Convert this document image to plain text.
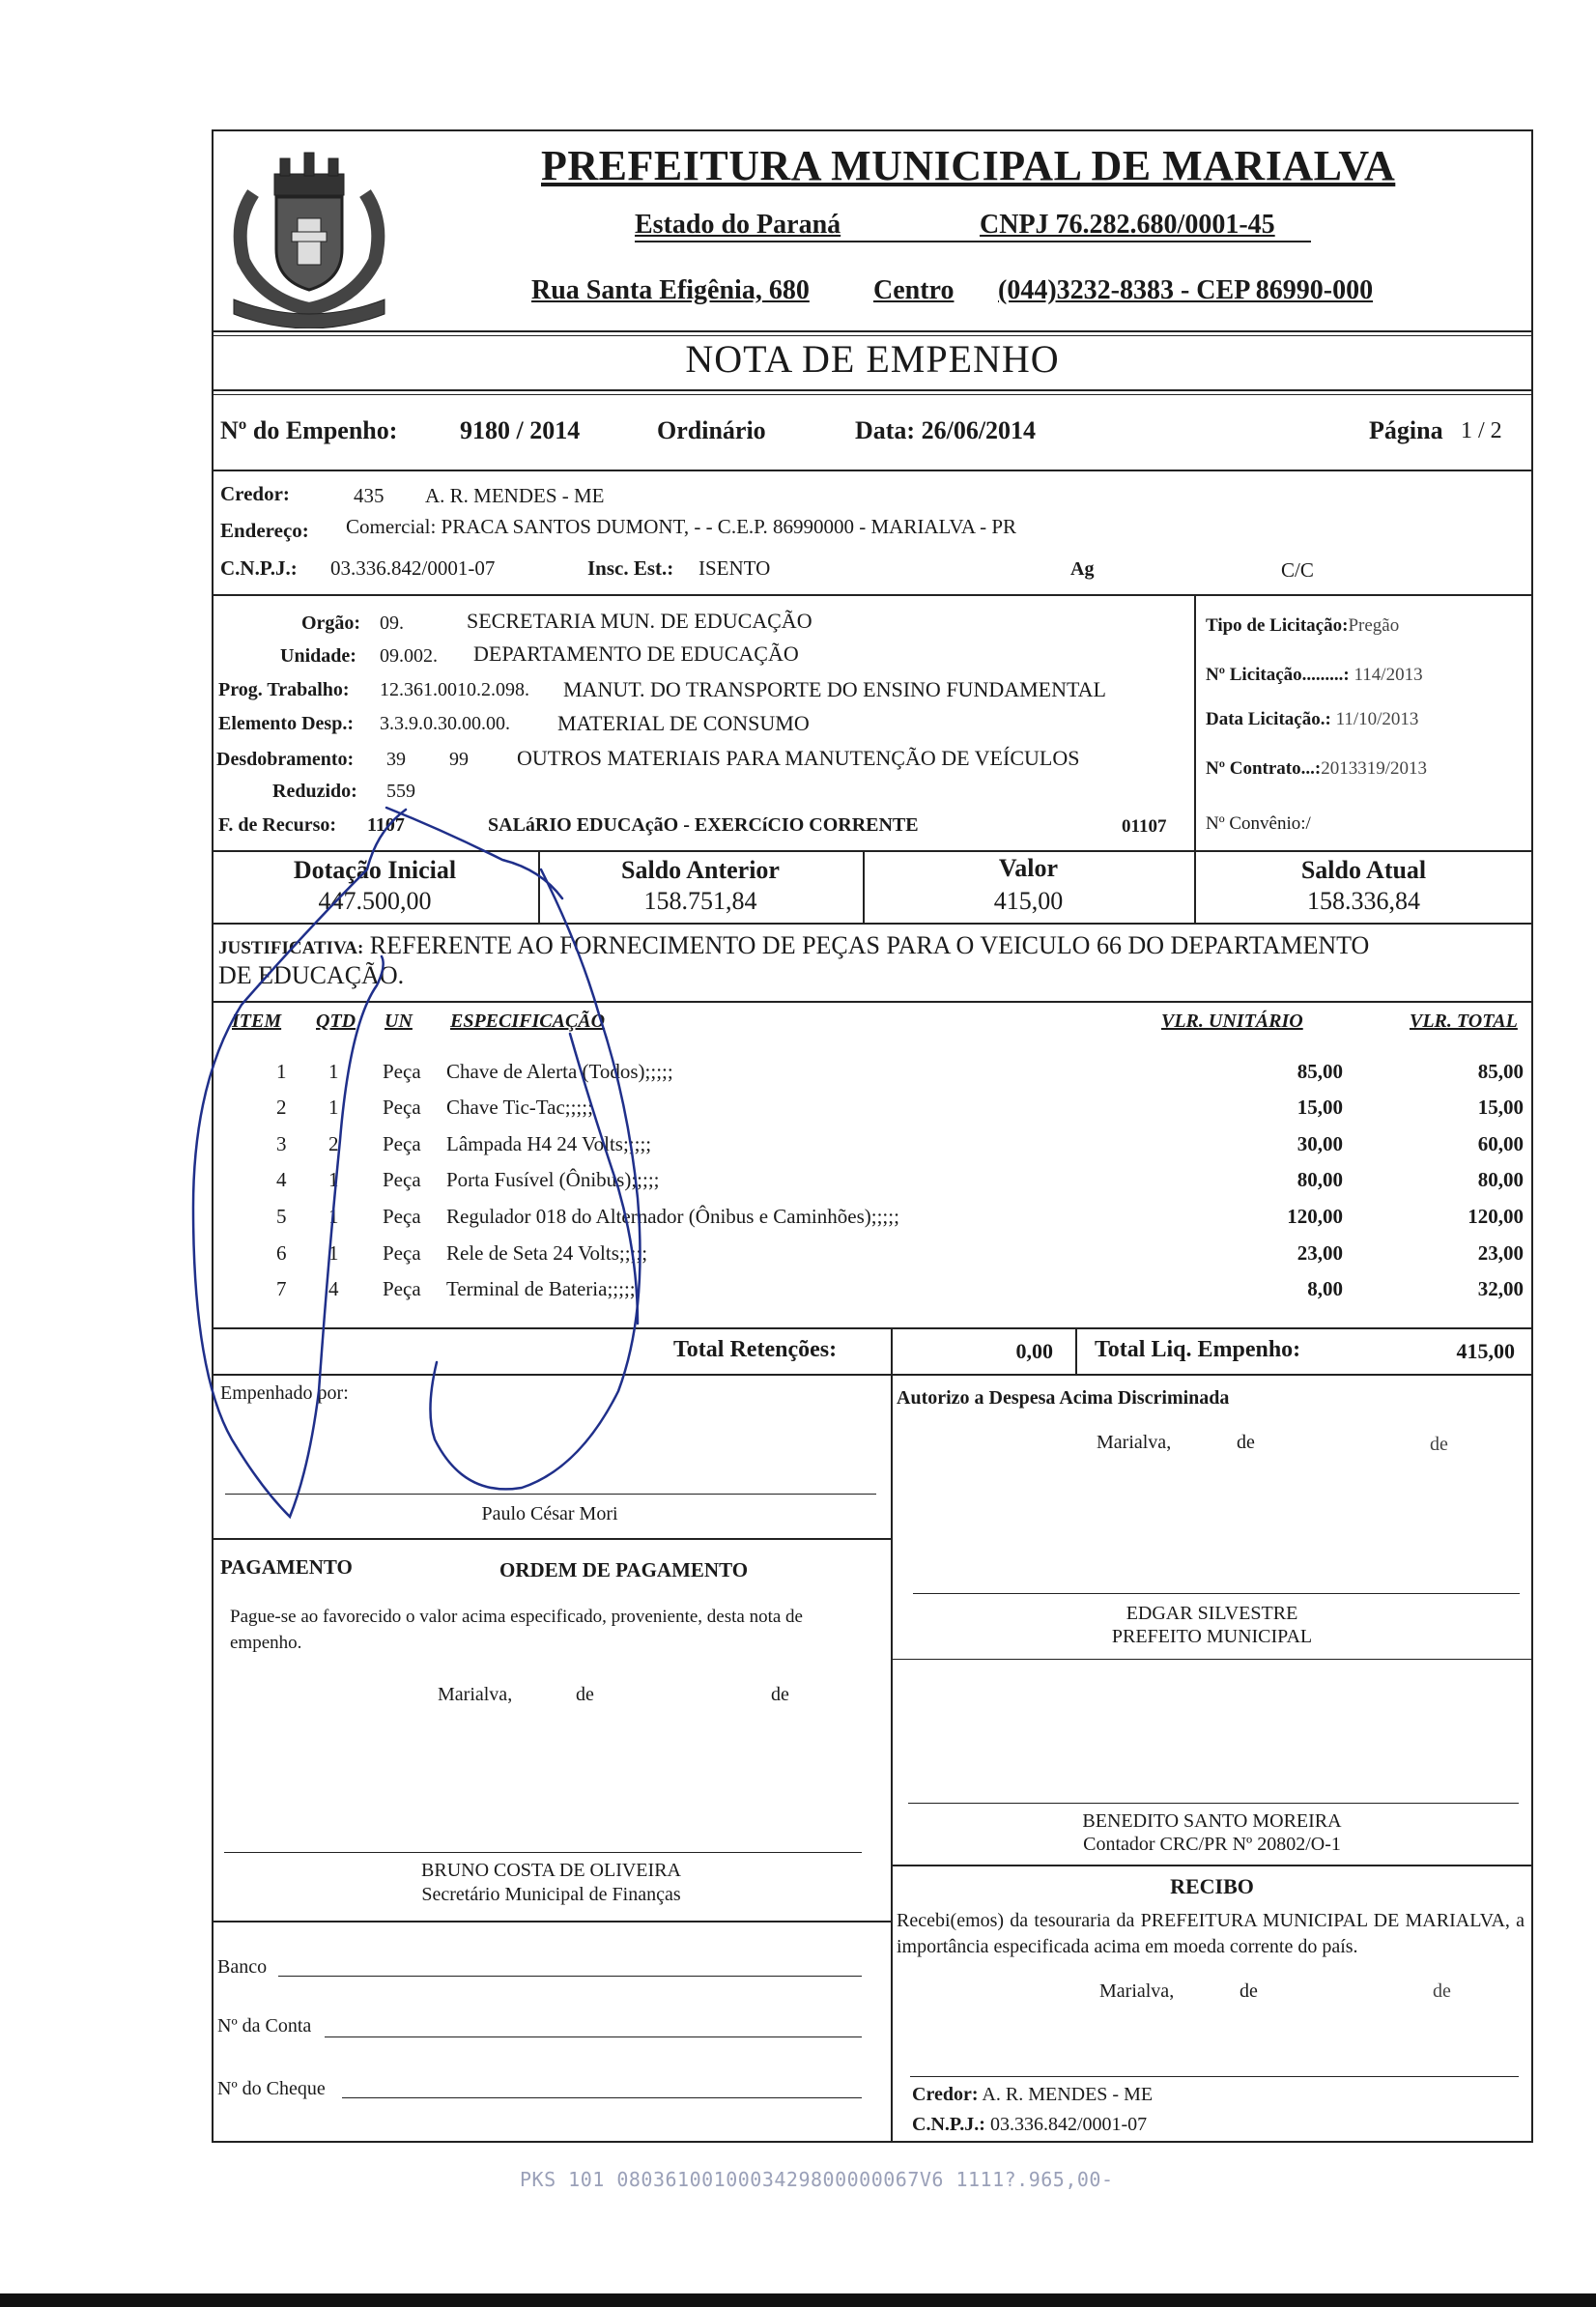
PREFEITURA MUNICIPAL DE MARIALVA
Estado do Paraná	CNPJ 76.282.680/0001-45
Rua Santa Efigênia, 680 Centro (044)3232-8383 - CEP 86990-000
NOTA DE EMPENHO
Nº do Empenho: 9180 / 2014	Ordinário	Data: 26/06/2014	Página 1 / 2
Credor:	435 A. R. MENDES - ME
Endereço: Comercial: PRACA SANTOS DUMONT, - - C.E.P. 86990000 - MARIALVA - PR
C.N.P.J.: 03.336.842/0001-07	Insc. Est.: ISENTO	Ag	C/C
Orgão: 09.	SECRETARIA MUN. DE EDUCAÇÃO
Unidade: 09.002. DEPARTAMENTO DE EDUCAÇÃO
Prog. Trabalho: 12.361.0010.2.098. MANUT. DO TRANSPORTE DO ENSINO FUNDAMENTAL
Elemento Desp.: 3.3.9.0.30.00.00. MATERIAL DE CONSUMO
Desdobramento: 39 99 OUTROS MATERIAIS PARA MANUTENÇÃO DE VEÍCULOS
Reduzido: 559
F. de Recurso: 1107	SALáRIO EDUCAçãO - EXERCíCIO CORRENTE	01107
Tipo de Licitação:Pregão
Nº Licitação.........: 114/2013
Data Licitação.: 11/10/2013
Nº Contrato...:2013319/2013
Nº Convênio:/
Dotação Inicial
447.500,00
Saldo Anterior
158.751,84
Valor
415,00
Saldo Atual
158.336,84
JUSTIFICATIVA: REFERENTE AO FORNECIMENTO DE PEÇAS PARA O VEICULO 66 DO DEPARTAMENTO
DE EDUCAÇÃO.
ITEM QTD UN ESPECIFICAÇÃO	VLR. UNITÁRIO	VLR. TOTAL
1 1 Peça Chave de Alerta (Todos);;;;;	85,00	85,00
2 1 Peça Chave Tic-Tac;;;;;	15,00	15,00
3 2 Peça Lâmpada H4 24 Volts;;;;;	30,00	60,00
4 1 Peça Porta Fusível (Ônibus);;;;;	80,00	80,00
5 1 Peça Regulador 018 do Alternador (Ônibus e Caminhões);;;;;	120,00	120,00
6 1 Peça Rele de Seta 24 Volts;;;;;	23,00	23,00
7 4 Peça Terminal de Bateria;;;;;	8,00	32,00
Total Retenções:	0,00 Total Liq. Empenho:	415,00
Empenhado por:
Paulo César Mori
Autorizo a Despesa Acima Discriminada
Marialva,	de	de
EDGAR SILVESTRE
PREFEITO MUNICIPAL
PAGAMENTO	ORDEM DE PAGAMENTO
Pague-se ao favorecido o valor acima especificado, proveniente, desta nota de empenho.
Marialva,	de	de
BENEDITO SANTO MOREIRA
Contador CRC/PR Nº 20802/O-1
BRUNO COSTA DE OLIVEIRA
Secretário Municipal de Finanças
Banco
Nº da Conta
Nº do Cheque
RECIBO
Recebi(emos) da tesouraria da PREFEITURA MUNICIPAL DE MARIALVA, a importância especificada acima em moeda corrente do país.
Marialva,	de	de
Credor: A. R. MENDES - ME
C.N.P.J.: 03.336.842/0001-07
PKS 101 0803610010003429800000067V6 1111?.965,00-
